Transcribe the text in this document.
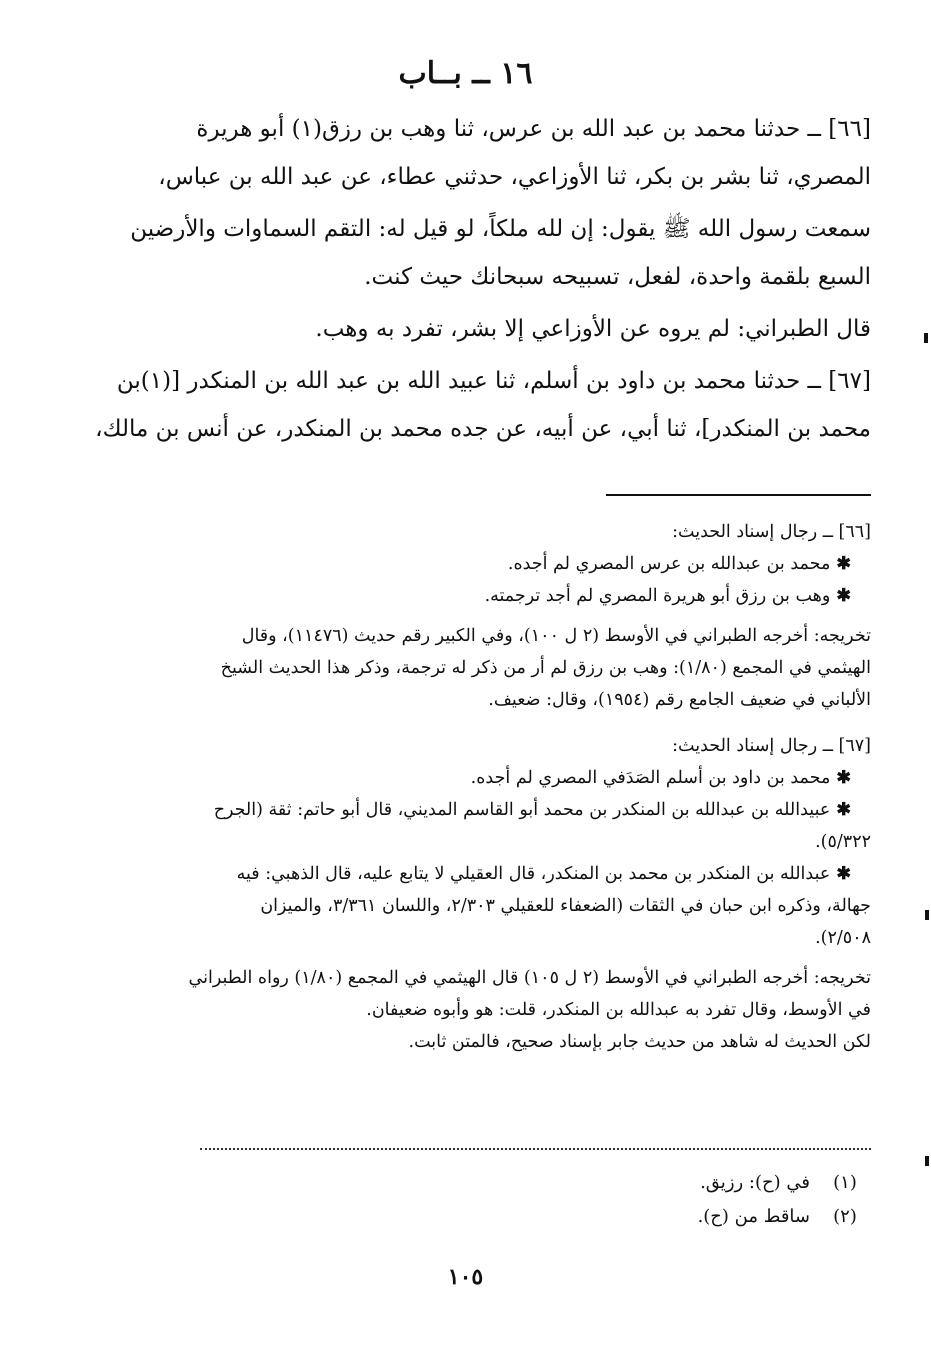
١٦ ــ بــاب

[٦٦] ــ حدثنا محمد بن عبد الله بن عرس، ثنا وهب بن رزق(١) أبو هريرة

المصري، ثنا بشر بن بكر، ثنا الأوزاعي، حدثني عطاء، عن عبد الله بن عباس،

سمعت رسول الله ﷺ يقول: إن لله ملكاً، لو قيل له: التقم السماوات والأرضين

السبع بلقمة واحدة، لفعل، تسبيحه سبحانك حيث كنت.

قال الطبراني: لم يروه عن الأوزاعي إلا بشر، تفرد به وهب.

[٦٧] ــ حدثنا محمد بن داود بن أسلم، ثنا عبيد الله بن عبد الله بن المنكدر [(١)بن

محمد بن المنكدر]، ثنا أبي، عن أبيه، عن جده محمد بن المنكدر، عن أنس بن مالك،

[٦٦] ــ رجال إسناد الحديث:

✱محمد بن عبدالله بن عرس المصري لم أجده.

✱وهب بن رزق أبو هريرة المصري لم أجد ترجمته.

تخريجه: أخرجه الطبراني في الأوسط (٢ ل ١٠٠)، وفي الكبير رقم حديث (١١٤٧٦)، وقال

الهيثمي في المجمع (١/٨٠): وهب بن رزق لم أر من ذكر له ترجمة، وذكر هذا الحديث الشيخ

الألباني في ضعيف الجامع رقم (١٩٥٤)، وقال: ضعيف.

[٦٧] ــ رجال إسناد الحديث:

✱محمد بن داود بن أسلم الصَدَفي المصري لم أجده.

✱عبيدالله بن عبدالله بن المنكدر بن محمد أبو القاسم المديني، قال أبو حاتم: ثقة (الجرح

٥/٣٢٢).

✱عبدالله بن المنكدر بن محمد بن المنكدر، قال العقيلي لا يتابع عليه، قال الذهبي: فيه

جهالة، وذكره ابن حبان في الثقات (الضعفاء للعقيلي ٢/٣٠٣، واللسان ٣/٣٦١، والميزان

٢/٥٠٨).

تخريجه: أخرجه الطبراني في الأوسط (٢ ل ١٠٥) قال الهيثمي في المجمع (١/٨٠) رواه الطبراني

في الأوسط، وقال تفرد به عبدالله بن المنكدر، قلت: هو وأبوه ضعيفان.

لكن الحديث له شاهد من حديث جابر بإسناد صحيح، فالمتن ثابت.

(١)
في (ح): رزيق.
(٢)
ساقط من (ح).
١٠٥
